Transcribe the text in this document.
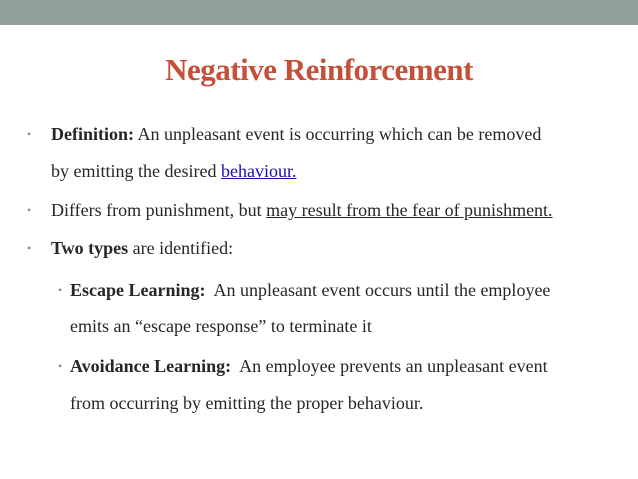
Negative Reinforcement
• Definition: An unpleasant event is occurring which can be removed
by emitting the desired behaviour.
• Differs from punishment, but may result from the fear of punishment.
• Two types are identified:
• Escape Learning:  An unpleasant event occurs until the employee
emits an “escape response” to terminate it
• Avoidance Learning:  An employee prevents an unpleasant event
from occurring by emitting the proper behaviour.
